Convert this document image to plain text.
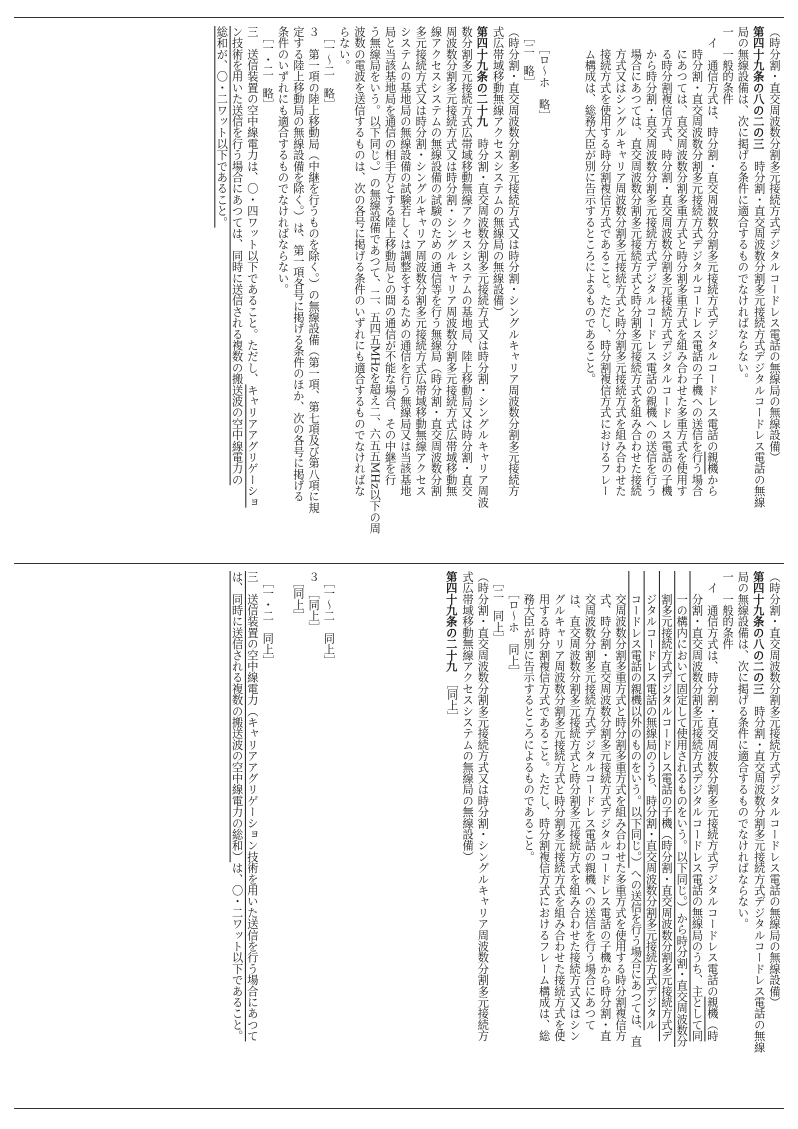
（時分割・直交周波数分割多元接続方式デジタルコードレス電話の無線局の無線設備）

第四十九条の八の二の三　時分割・直交周波数分割多元接続方式デジタルコードレス電話の無線

局の無線設備は、次に掲げる条件に適合するものでなければならない。

一　一般的条件

　イ　通信方式は、時分割・直交周波数分割多元接続方式デジタルコードレス電話の親機から

　　時分割・直交周波数分割多元接続方式デジタルコードレス電話の子機への送信を行う場合

　　にあつては、直交周波数分割多重方式と時分割多重方式を組み合わせた多重方式を使用す

　　る時分割複信方式、時分割・直交周波数分割多元接続方式デジタルコードレス電話の子機

　　から時分割・直交周波数分割多元接続方式デジタルコードレス電話の親機への送信を行う

　　場合にあつては、直交周波数分割多元接続方式と時分割多元接続方式を組み合わせた接続

　　方式又はシングルキャリア周波数分割多元接続方式と時分割多元接続方式を組み合わせた

　　接続方式を使用する時分割複信方式であること。ただし、時分割複信方式におけるフレー

　　ム構成は、総務大臣が別に告示するところによるものであること。

　　［ロ～ホ　略］

　［二　略］

（時分割・直交周波数分割多元接続方式又は時分割・シングルキャリア周波数分割多元接続方

式広帯域移動無線アクセスシステムの無線局の無線設備）

第四十九条の二十九　時分割・直交周波数分割多元接続方式又は時分割・シングルキャリア周波

数分割多元接続方式広帯域移動無線アクセスシステムの基地局、陸上移動局又は時分割・直交

周波数分割多元接続方式又は時分割・シングルキャリア周波数分割多元接続方式広帯域移動無

線アクセスシステムの無線設備の試験のための通信等を行う無線局（時分割・直交周波数分割

多元接続方式又は時分割・シングルキャリア周波数分割多元接続方式広帯域移動無線アクセス

システムの基地局の無線設備の試験若しくは調整をするための通信を行う無線局又は当該基地

局と当該基地局を通信の相手方とする陸上移動局との間の通信が不能な場合、その中継を行

う無線局をいう。以下同じ。）の無線設備であつて、二、五四五MHzを超え二、六五五MHz以下の周

波数の電波を送信するものは、次の各号に掲げる条件のいずれにも適合するものでなければな

らない。

　［一～二　略］

３　第一項の陸上移動局（中継を行うものを除く。）の無線設備（第一項、第七項及び第八項に規

定する陸上移動局の無線設備を除く。）は、第一項各号に掲げる条件のほか、次の各号に掲げる

条件のいずれにも適合するものでなければならない。

　［一・二　略］

三　送信装置の空中線電力は、〇・四ワット以下であること。ただし、キャリアアグリゲーショ

ン技術を用いた送信を行う場合にあつては、同時に送信される複数の搬送波の空中線電力の

総和が、〇・二ワット以下であること。

（時分割・直交周波数分割多元接続方式デジタルコードレス電話の無線局の無線設備）

第四十九条の八の二の三　時分割・直交周波数分割多元接続方式デジタルコードレス電話の無線

局の無線設備は、次に掲げる条件に適合するものでなければならない。

一　一般的条件

　イ　通信方式は、時分割・直交周波数分割多元接続方式デジタルコードレス電話の親機（時

　　分割・直交周波数分割多元接続方式デジタルコードレス電話の無線局のうち、主として同

　　一の構内において固定して使用されるものをいう。以下同じ。）から時分割・直交周波数分

　　割多元接続方式デジタルコードレス電話の子機（時分割・直交周波数分割多元接続方式デ

　　ジタルコードレス電話の無線局のうち、時分割・直交周波数分割多元接続方式デジタル

　　コードレス電話の親機以外のものをいう。以下同じ。）への送信を行う場合にあつては、直

　　交周波数分割多重方式と時分割多重方式を組み合わせた多重方式を使用する時分割複信方

　　式、時分割・直交周波数分割多元接続方式デジタルコードレス電話の子機から時分割・直

　　交周波数分割多元接続方式デジタルコードレス電話の親機への送信を行う場合にあつて

　　は、直交周波数分割多元接続方式と時分割多元接続方式を組み合わせた接続方式又はシン

　　グルキャリア周波数分割多元接続方式と時分割多元接続方式を組み合わせた接続方式を使

　　用する時分割複信方式であること。ただし、時分割複信方式におけるフレーム構成は、総

　　務大臣が別に告示するところによるものであること。

　　［ロ～ホ　同上］

　［二　同上］

（時分割・直交周波数分割多元接続方式又は時分割・シングルキャリア周波数分割多元接続方

式広帯域移動無線アクセスシステムの無線局の無線設備）

第四十九条の二十九　［同上］

　［一～二　同上］

３　［同上］

　［同上］

　［一・二　同上］

三　送信装置の空中線電力（キャリアアグリゲーション技術を用いた送信を行う場合にあつて

は、同時に送信される複数の搬送波の空中線電力の総和）は、〇・二ワット以下であること。
